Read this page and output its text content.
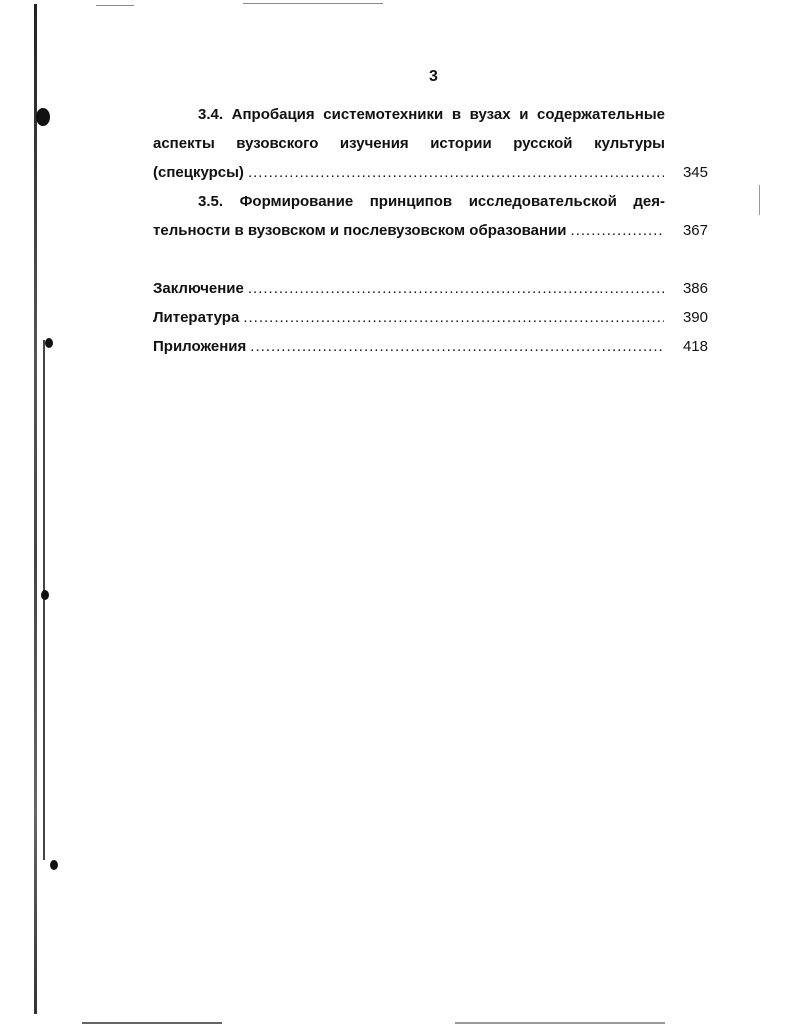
3
3.4. Апробация системотехники в вузах и содержательные
аспекты вузовского изучения истории русской культуры
(спецкурсы) .....	345
3.5. Формирование принципов исследовательской дея-
тельности в вузовском и послевузовском образовании .....	367
Заключение .....	386
Литература .....	390
Приложения .....	418
